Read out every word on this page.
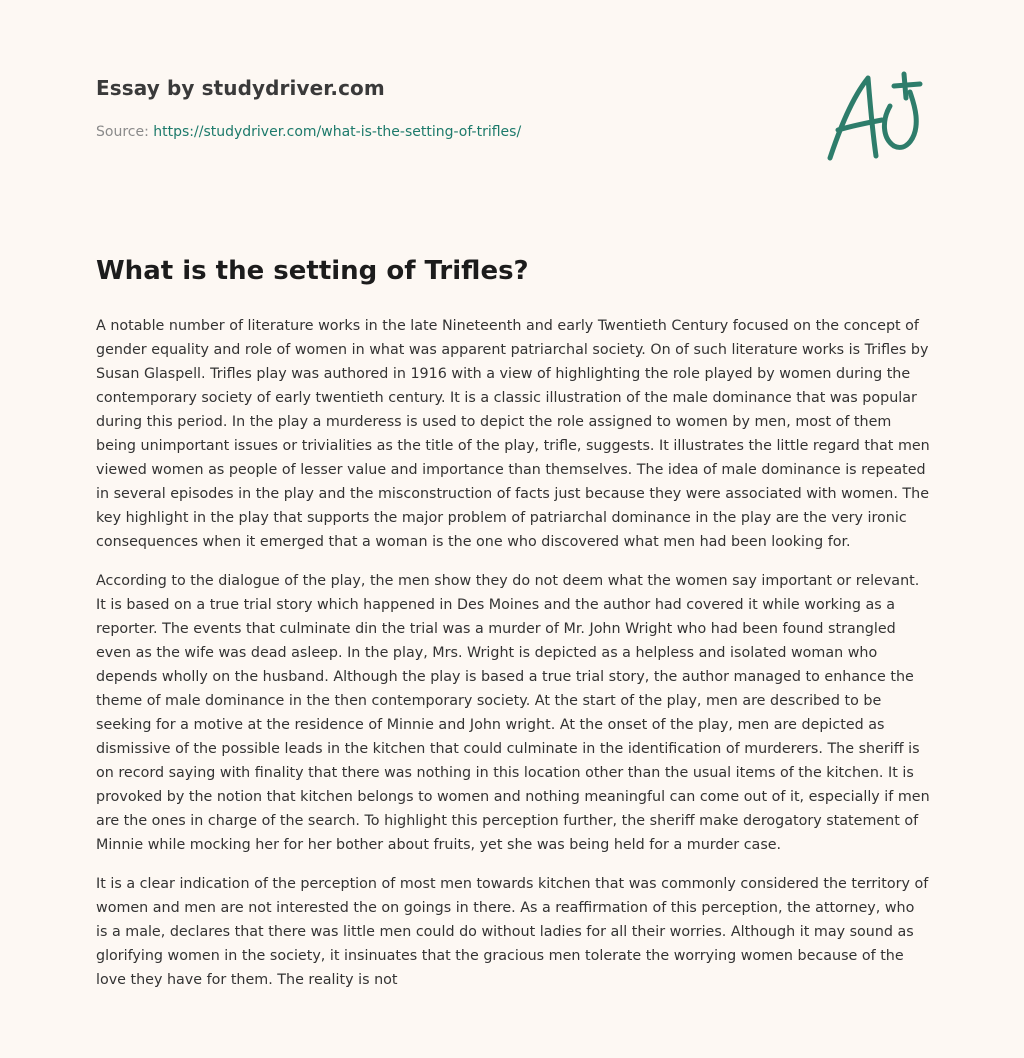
Essay by studydriver.com
Source: https://studydriver.com/what-is-the-setting-of-trifles/
What is the setting of Trifles?

A notable number of literature works in the late Nineteenth and early Twentieth Century focused on the concept of gender equality and role of women in what was apparent patriarchal society. On of such literature works is Trifles by Susan Glaspell. Trifles play was authored in 1916 with a view of highlighting the role played by women during the contemporary society of early twentieth century. It is a classic illustration of the male dominance that was popular during this period. In the play a murderess is used to depict the role assigned to women by men, most of them being unimportant issues or trivialities as the title of the play, trifle, suggests. It illustrates the little regard that men viewed women as people of lesser value and importance than themselves. The idea of male dominance is repeated in several episodes in the play and the misconstruction of facts just because they were associated with women. The key highlight in the play that supports the major problem of patriarchal dominance in the play are the very ironic consequences when it emerged that a woman is the one who discovered what men had been looking for.

According to the dialogue of the play, the men show they do not deem what the women say important or relevant. It is based on a true trial story which happened in Des Moines and the author had covered it while working as a reporter. The events that culminate din the trial was a murder of Mr. John Wright who had been found strangled even as the wife was dead asleep. In the play, Mrs. Wright is depicted as a helpless and isolated woman who depends wholly on the husband. Although the play is based a true trial story, the author managed to enhance the theme of male dominance in the then contemporary society. At the start of the play, men are described to be seeking for a motive at the residence of Minnie and John wright. At the onset of the play, men are depicted as dismissive of the possible leads in the kitchen that could culminate in the identification of murderers. The sheriff is on record saying with finality that there was nothing in this location other than the usual items of the kitchen. It is provoked by the notion that kitchen belongs to women and nothing meaningful can come out of it, especially if men are the ones in charge of the search. To highlight this perception further, the sheriff make derogatory statement of Minnie while mocking her for her bother about fruits, yet she was being held for a murder case.

It is a clear indication of the perception of most men towards kitchen that was commonly considered the territory of women and men are not interested the on goings in there. As a reaffirmation of this perception, the attorney, who is a male, declares that there was little men could do without ladies for all their worries. Although it may sound as glorifying women in the society, it insinuates that the gracious men tolerate the worrying women because of the love they have for them. The reality is not
